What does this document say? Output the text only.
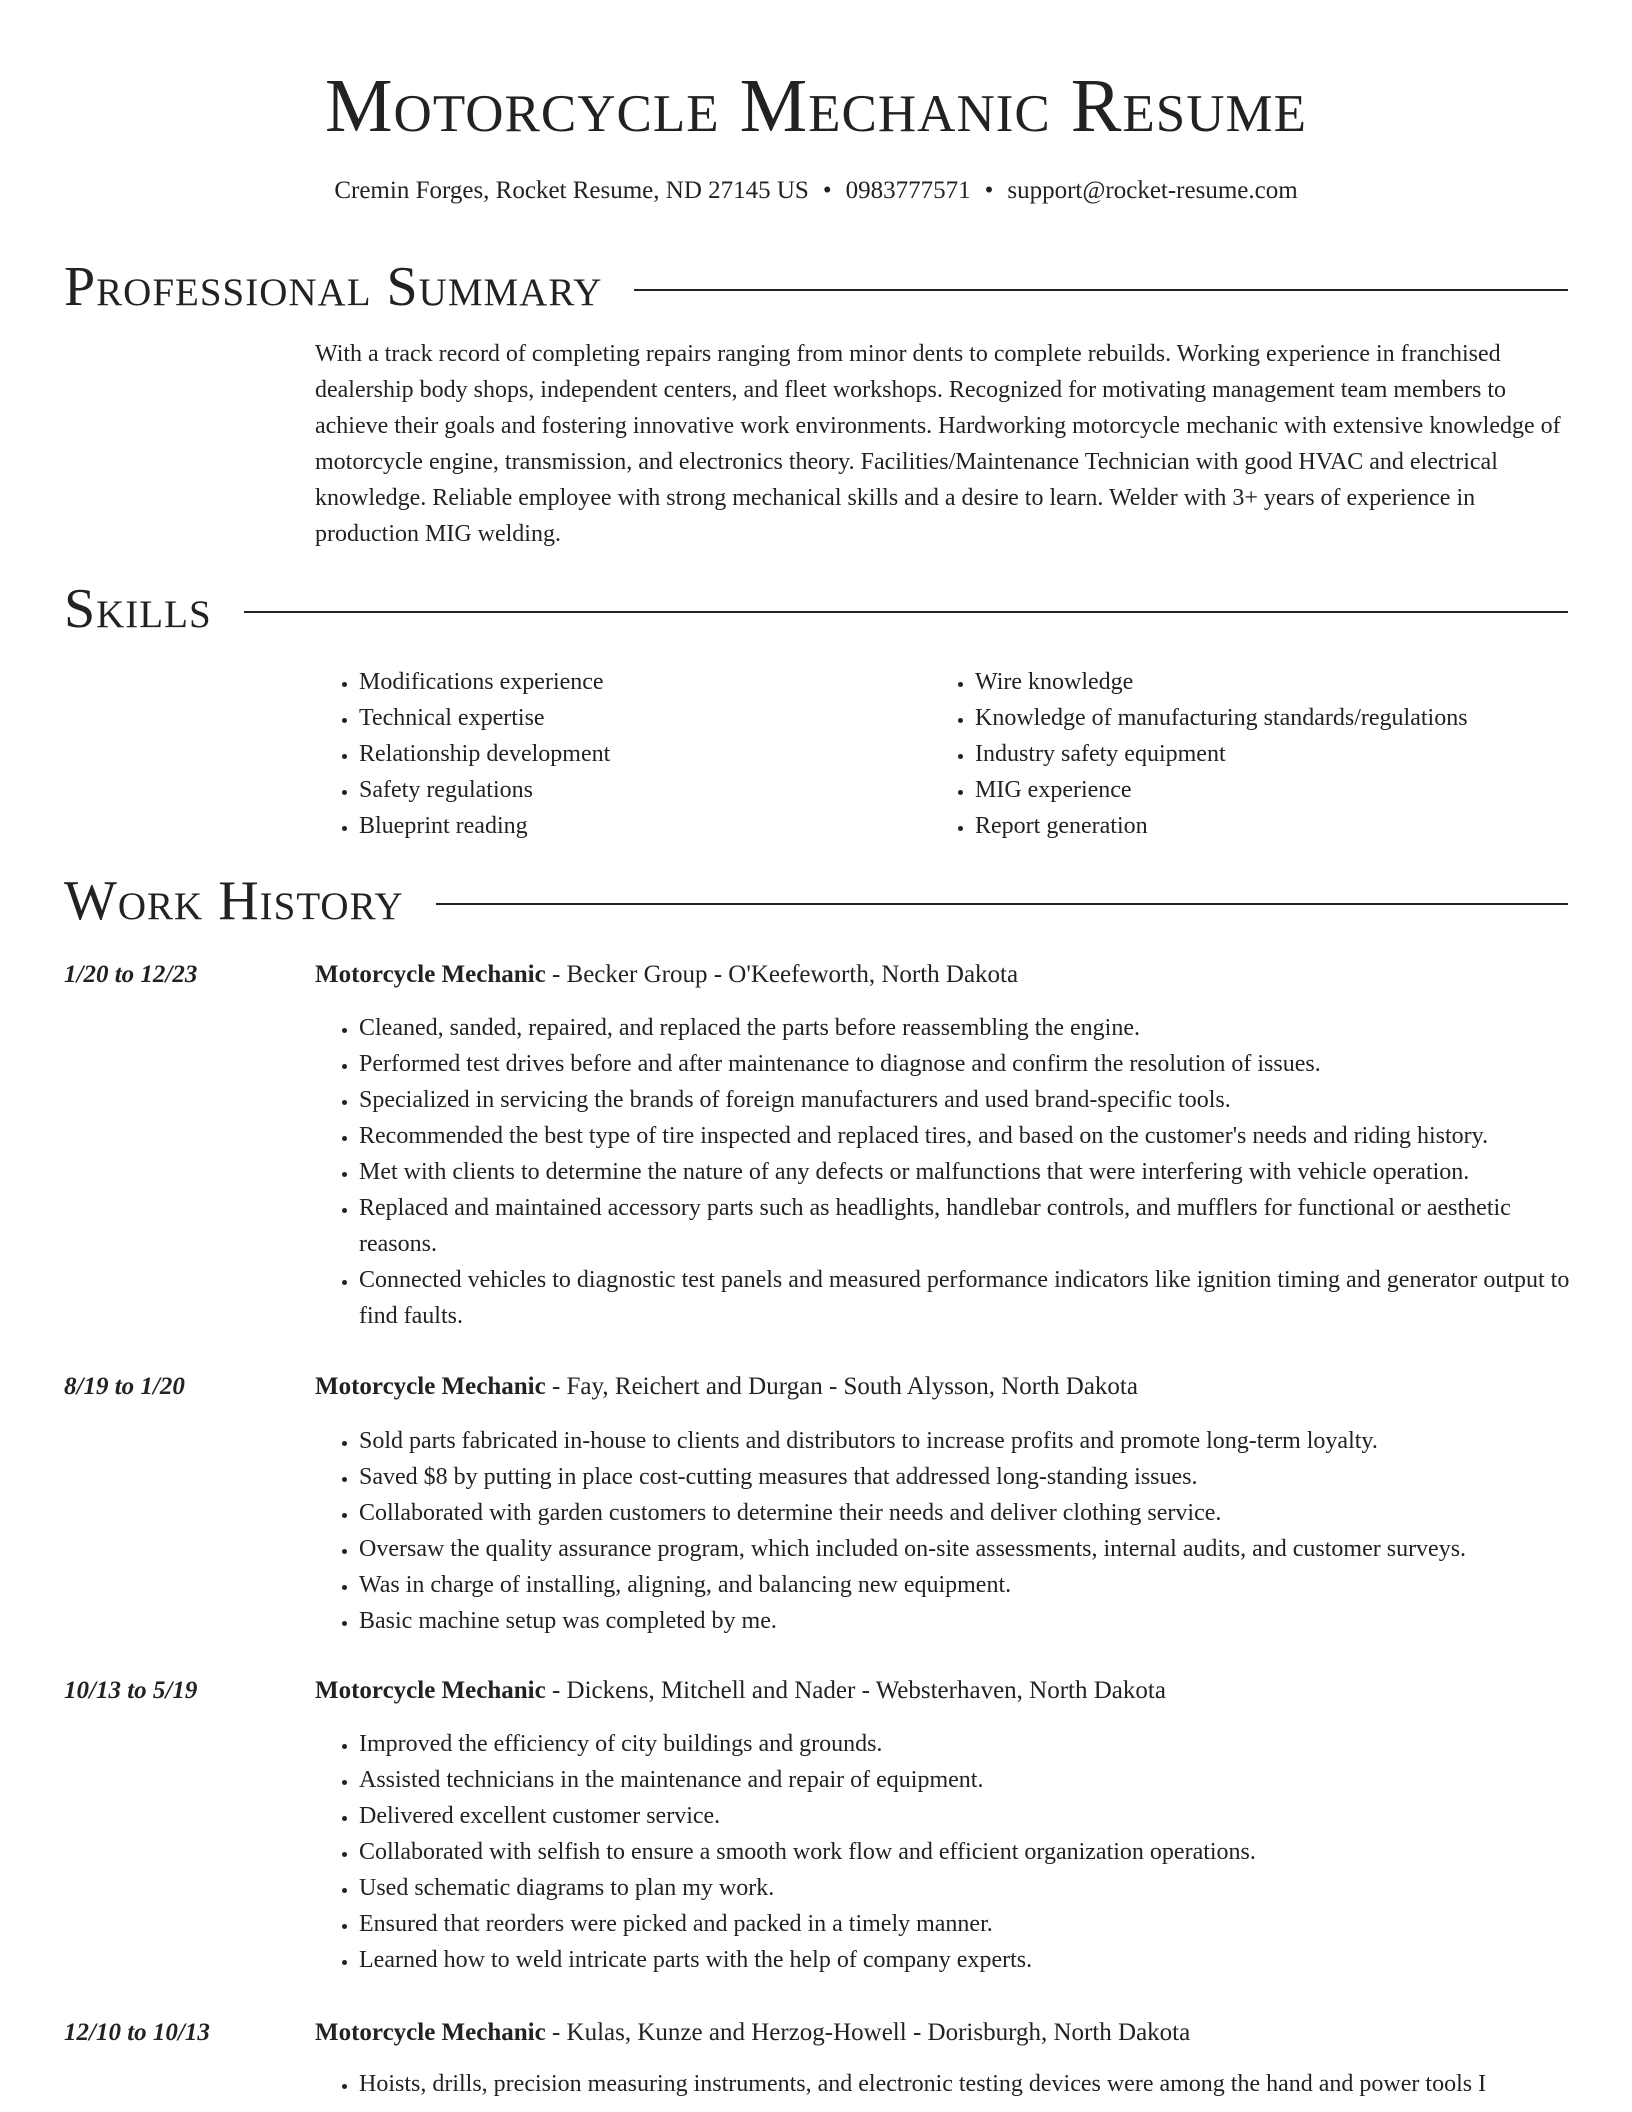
Motorcycle Mechanic Resume
Cremin Forges, Rocket Resume, ND 27145 US • 0983777571 • support@rocket-resume.com
Professional Summary
With a track record of completing repairs ranging from minor dents to complete rebuilds. Working experience in franchised dealership body shops, independent centers, and fleet workshops. Recognized for motivating management team members to achieve their goals and fostering innovative work environments. Hardworking motorcycle mechanic with extensive knowledge of motorcycle engine, transmission, and electronics theory. Facilities/Maintenance Technician with good HVAC and electrical knowledge. Reliable employee with strong mechanical skills and a desire to learn. Welder with 3+ years of experience in production MIG welding.
Skills
• Modifications experience
• Technical expertise
• Relationship development
• Safety regulations
• Blueprint reading
• Wire knowledge
• Knowledge of manufacturing standards/regulations
• Industry safety equipment
• MIG experience
• Report generation
Work History
1/20 to 12/23	Motorcycle Mechanic - Becker Group - O'Keefeworth, North Dakota
• Cleaned, sanded, repaired, and replaced the parts before reassembling the engine.
• Performed test drives before and after maintenance to diagnose and confirm the resolution of issues.
• Specialized in servicing the brands of foreign manufacturers and used brand-specific tools.
• Recommended the best type of tire inspected and replaced tires, and based on the customer's needs and riding history.
• Met with clients to determine the nature of any defects or malfunctions that were interfering with vehicle operation.
• Replaced and maintained accessory parts such as headlights, handlebar controls, and mufflers for functional or aesthetic reasons.
• Connected vehicles to diagnostic test panels and measured performance indicators like ignition timing and generator output to find faults.
8/19 to 1/20	Motorcycle Mechanic - Fay, Reichert and Durgan - South Alysson, North Dakota
• Sold parts fabricated in-house to clients and distributors to increase profits and promote long-term loyalty.
• Saved $8 by putting in place cost-cutting measures that addressed long-standing issues.
• Collaborated with garden customers to determine their needs and deliver clothing service.
• Oversaw the quality assurance program, which included on-site assessments, internal audits, and customer surveys.
• Was in charge of installing, aligning, and balancing new equipment.
• Basic machine setup was completed by me.
10/13 to 5/19	Motorcycle Mechanic - Dickens, Mitchell and Nader - Websterhaven, North Dakota
• Improved the efficiency of city buildings and grounds.
• Assisted technicians in the maintenance and repair of equipment.
• Delivered excellent customer service.
• Collaborated with selfish to ensure a smooth work flow and efficient organization operations.
• Used schematic diagrams to plan my work.
• Ensured that reorders were picked and packed in a timely manner.
• Learned how to weld intricate parts with the help of company experts.
12/10 to 10/13	Motorcycle Mechanic - Kulas, Kunze and Herzog-Howell - Dorisburgh, North Dakota
• Hoists, drills, precision measuring instruments, and electronic testing devices were among the hand and power tools I
